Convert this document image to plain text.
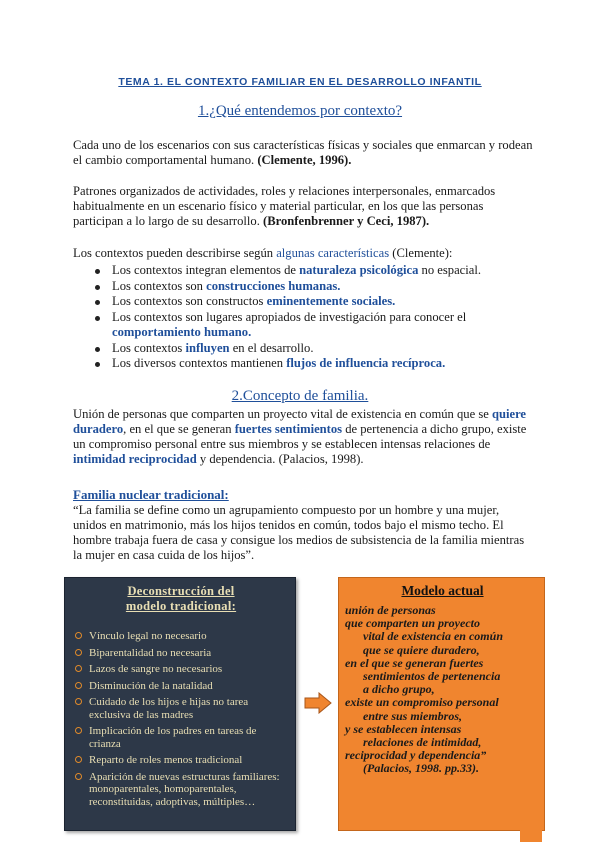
TEMA 1. EL CONTEXTO FAMILIAR EN EL DESARROLLO INFANTIL
1.¿Qué entendemos por contexto?
Cada uno de los escenarios con sus características físicas y sociales que enmarcan y rodean el cambio comportamental humano. (Clemente, 1996).
Patrones organizados de actividades, roles y relaciones interpersonales, enmarcados habitualmente en un escenario físico y material particular, en los que las personas participan a lo largo de su desarrollo. (Bronfenbrenner y Ceci, 1987).
Los contextos pueden describirse según algunas características (Clemente):
Los contextos integran elementos de naturaleza psicológica no espacial.
Los contextos son construcciones humanas.
Los contextos son constructos eminentemente sociales.
Los contextos son lugares apropiados de investigación para conocer el comportamiento humano.
Los contextos influyen en el desarrollo.
Los diversos contextos mantienen flujos de influencia recíproca.
2.Concepto de familia.
Unión de personas que comparten un proyecto vital de existencia en común que se quiere duradero, en el que se generan fuertes sentimientos de pertenencia a dicho grupo, existe un compromiso personal entre sus miembros y se establecen intensas relaciones de intimidad reciprocidad y dependencia. (Palacios, 1998).
Familia nuclear tradicional:
“La familia se define como un agrupamiento compuesto por un hombre y una mujer, unidos en matrimonio, más los hijos tenidos en común, todos bajo el mismo techo. El hombre trabaja fuera de casa y consigue los medios de subsistencia de la familia mientras la mujer en casa cuida de los hijos”.
Deconstrucción del
modelo tradicional:
Vínculo legal no necesario
Biparentalidad no necesaria
Lazos de sangre no necesarios
Disminución de la natalidad
Cuidado de los hijos e hijas no tarea exclusiva de las madres
Implicación de los padres en tareas de crianza
Reparto de roles menos tradicional
Aparición de nuevas estructuras familiares: monoparentales, homoparentales, reconstituidas, adoptivas, múltiples…
Modelo actual
unión de personas
que comparten un proyecto
vital de existencia en común
que se quiere duradero,
en el que se generan fuertes
sentimientos de pertenencia
a dicho grupo,
existe un compromiso personal
entre sus miembros,
y se establecen intensas
relaciones de intimidad,
reciprocidad y dependencia”
(Palacios, 1998. pp.33).
